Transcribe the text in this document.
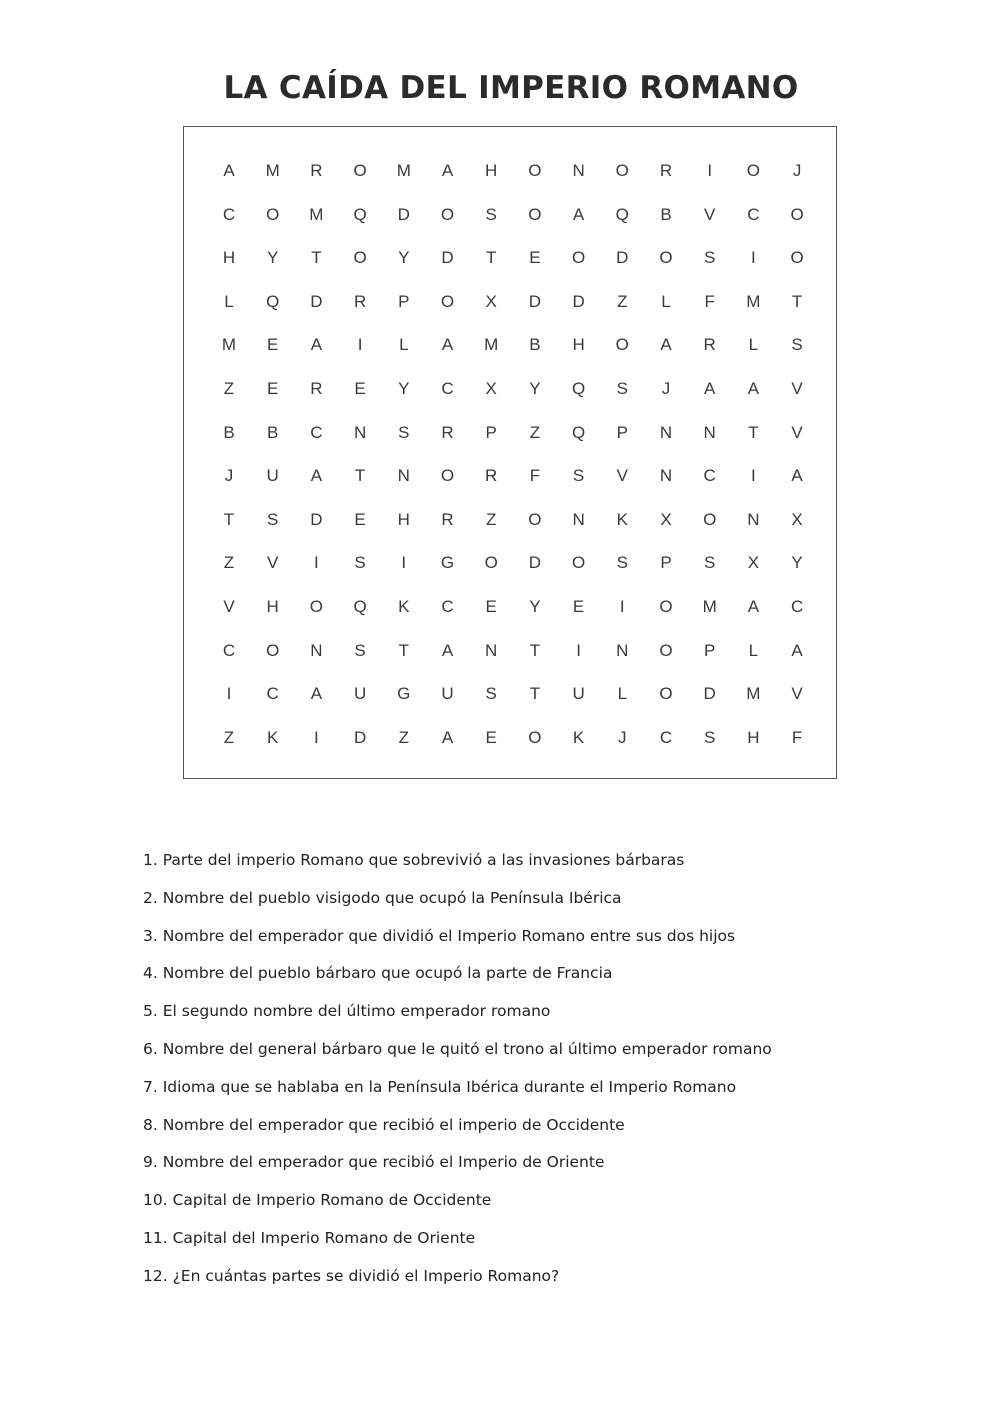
LA CAÍDA DEL IMPERIO ROMANO
A	M	R	O	M	A	H	O	N	O	R	I	O	J
C	O	M	Q	D	O	S	O	A	Q	B	V	C	O
H	Y	T	O	Y	D	T	E	O	D	O	S	I	O
L	Q	D	R	P	O	X	D	D	Z	L	F	M	T
M	E	A	I	L	A	M	B	H	O	A	R	L	S
Z	E	R	E	Y	C	X	Y	Q	S	J	A	A	V
B	B	C	N	S	R	P	Z	Q	P	N	N	T	V
J	U	A	T	N	O	R	F	S	V	N	C	I	A
T	S	D	E	H	R	Z	O	N	K	X	O	N	X
Z	V	I	S	I	G	O	D	O	S	P	S	X	Y
V	H	O	Q	K	C	E	Y	E	I	O	M	A	C
C	O	N	S	T	A	N	T	I	N	O	P	L	A
I	C	A	U	G	U	S	T	U	L	O	D	M	V
Z	K	I	D	Z	A	E	O	K	J	C	S	H	F
1. Parte del imperio Romano que sobrevivió a las invasiones bárbaras
2. Nombre del pueblo visigodo que ocupó la Península Ibérica
3. Nombre del emperador que dividió el Imperio Romano entre sus dos hijos
4. Nombre del pueblo bárbaro que ocupó la parte de Francia
5. El segundo nombre del último emperador romano
6. Nombre del general bárbaro que le quitó el trono al último emperador romano
7. Idioma que se hablaba en la Península Ibérica durante el Imperio Romano
8. Nombre del emperador que recibió el imperio de Occidente
9. Nombre del emperador que recibió el Imperio de Oriente
10. Capital de Imperio Romano de Occidente
11. Capital del Imperio Romano de Oriente
12. ¿En cuántas partes se dividió el Imperio Romano?
